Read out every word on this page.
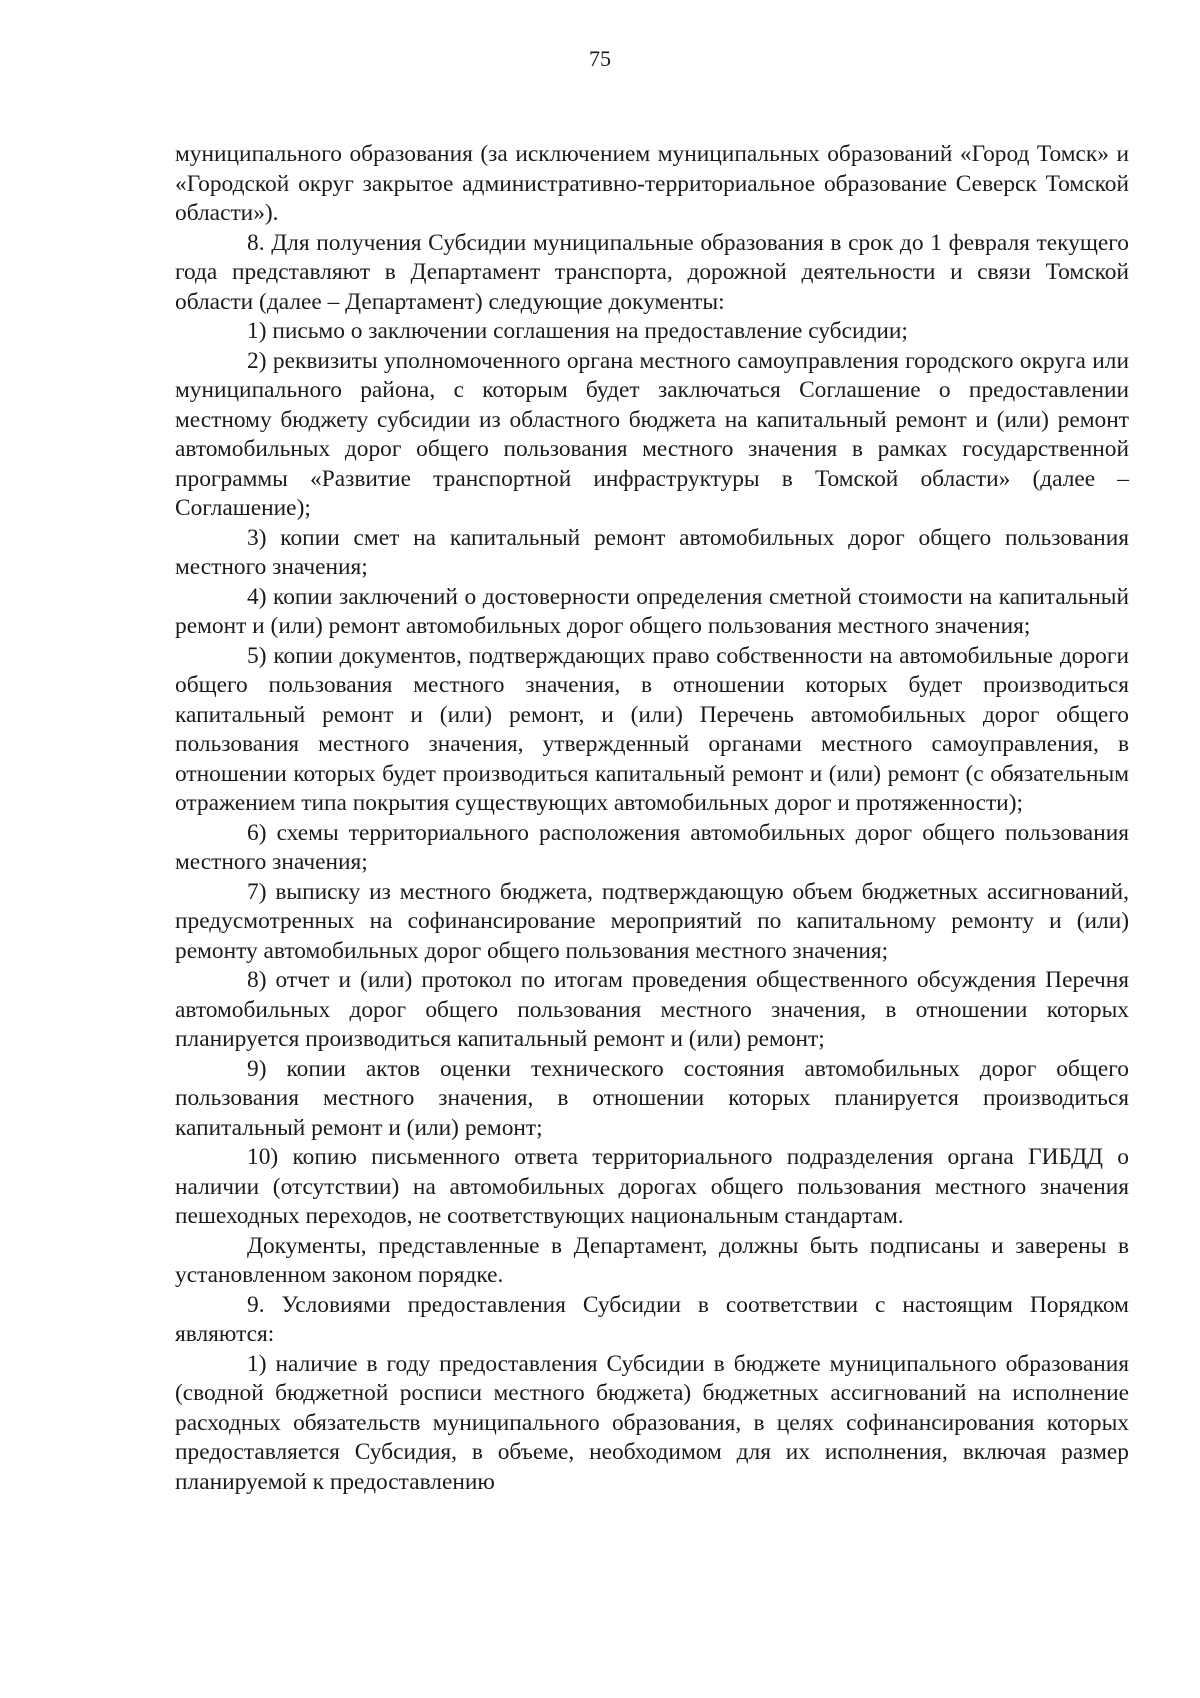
75

муниципального образования (за исключением муниципальных образований «Город Томск» и «Городской округ закрытое административно-территориальное образование Северск Томской области»).

8. Для получения Субсидии муниципальные образования в срок до 1 февраля текущего года представляют в Департамент транспорта, дорожной деятельности и связи Томской области (далее – Департамент) следующие документы:

1) письмо о заключении соглашения на предоставление субсидии;

2) реквизиты уполномоченного органа местного самоуправления городского округа или муниципального района, с которым будет заключаться Соглашение о предоставлении местному бюджету субсидии из областного бюджета на капитальный ремонт и (или) ремонт автомобильных дорог общего пользования местного значения в рамках государственной программы «Развитие транспортной инфраструктуры в Томской области» (далее – Соглашение);

3) копии смет на капитальный ремонт автомобильных дорог общего пользования местного значения;

4) копии заключений о достоверности определения сметной стоимости на капитальный ремонт и (или) ремонт автомобильных дорог общего пользования местного значения;

5) копии документов, подтверждающих право собственности на автомобильные дороги общего пользования местного значения, в отношении которых будет производиться капитальный ремонт и (или) ремонт, и (или) Перечень автомобильных дорог общего пользования местного значения, утвержденный органами местного самоуправления, в отношении которых будет производиться капитальный ремонт и (или) ремонт (с обязательным отражением типа покрытия существующих автомобильных дорог и протяженности);

6) схемы территориального расположения автомобильных дорог общего пользования местного значения;

7) выписку из местного бюджета, подтверждающую объем бюджетных ассигнований, предусмотренных на софинансирование мероприятий по капитальному ремонту и (или) ремонту автомобильных дорог общего пользования местного значения;

8) отчет и (или) протокол по итогам проведения общественного обсуждения Перечня автомобильных дорог общего пользования местного значения, в отношении которых планируется производиться капитальный ремонт и (или) ремонт;

9) копии актов оценки технического состояния автомобильных дорог общего пользования местного значения, в отношении которых планируется производиться капитальный ремонт и (или) ремонт;

10) копию письменного ответа территориального подразделения органа ГИБДД о наличии (отсутствии) на автомобильных дорогах общего пользования местного значения пешеходных переходов, не соответствующих национальным стандартам.

Документы, представленные в Департамент, должны быть подписаны и заверены в установленном законом порядке.

9. Условиями предоставления Субсидии в соответствии с настоящим Порядком являются:

1) наличие в году предоставления Субсидии в бюджете муниципального образования (сводной бюджетной росписи местного бюджета) бюджетных ассигнований на исполнение расходных обязательств муниципального образования, в целях софинансирования которых предоставляется Субсидия, в объеме, необходимом для их исполнения, включая размер планируемой к предоставлению
